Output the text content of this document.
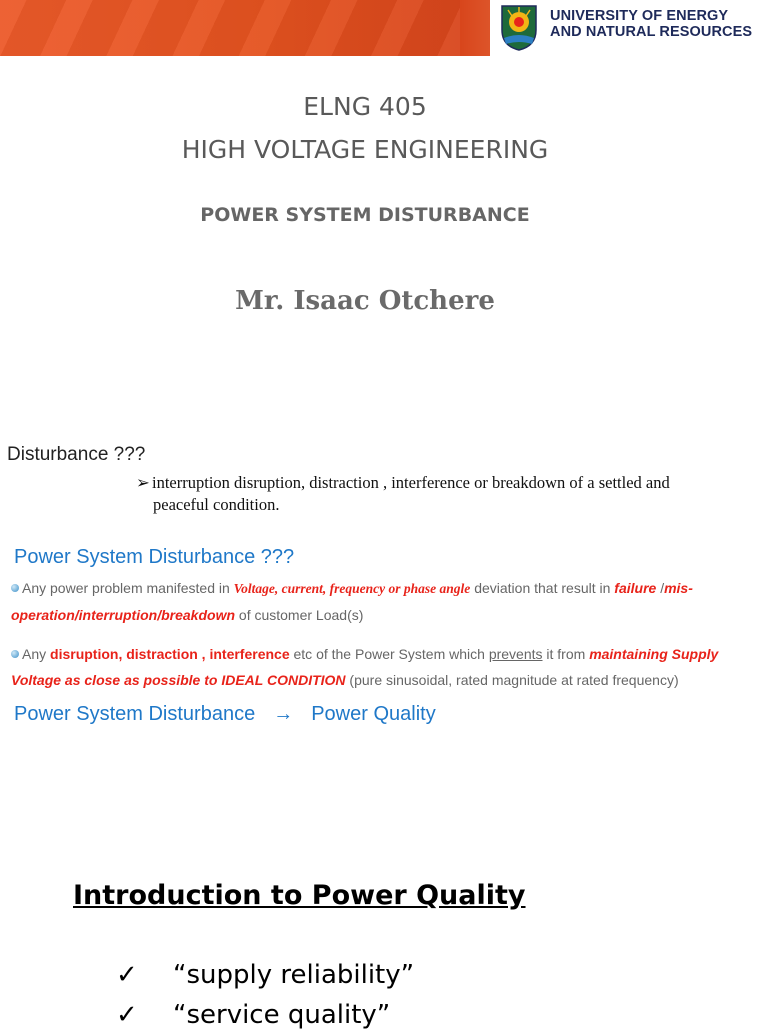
UNIVERSITY OF ENERGY
AND NATURAL RESOURCES
ELNG 405
HIGH VOLTAGE ENGINEERING
POWER SYSTEM DISTURBANCE
Mr. Isaac Otchere
Disturbance ???
➢ interruption disruption, distraction , interference or breakdown of a settled and
peaceful condition.
Power System Disturbance ???
Any power problem manifested in Voltage, current, frequency or phase angle deviation that result in failure /mis-
operation/interruption/breakdown of customer Load(s)
Any disruption, distraction , interference etc of the Power System which prevents it from maintaining Supply
Voltage as close as possible to IDEAL CONDITION (pure sinusoidal, rated magnitude at rated frequency)
Power System Disturbance → Power Quality
Introduction to Power Quality
✓ “supply reliability”
✓ “service quality”
